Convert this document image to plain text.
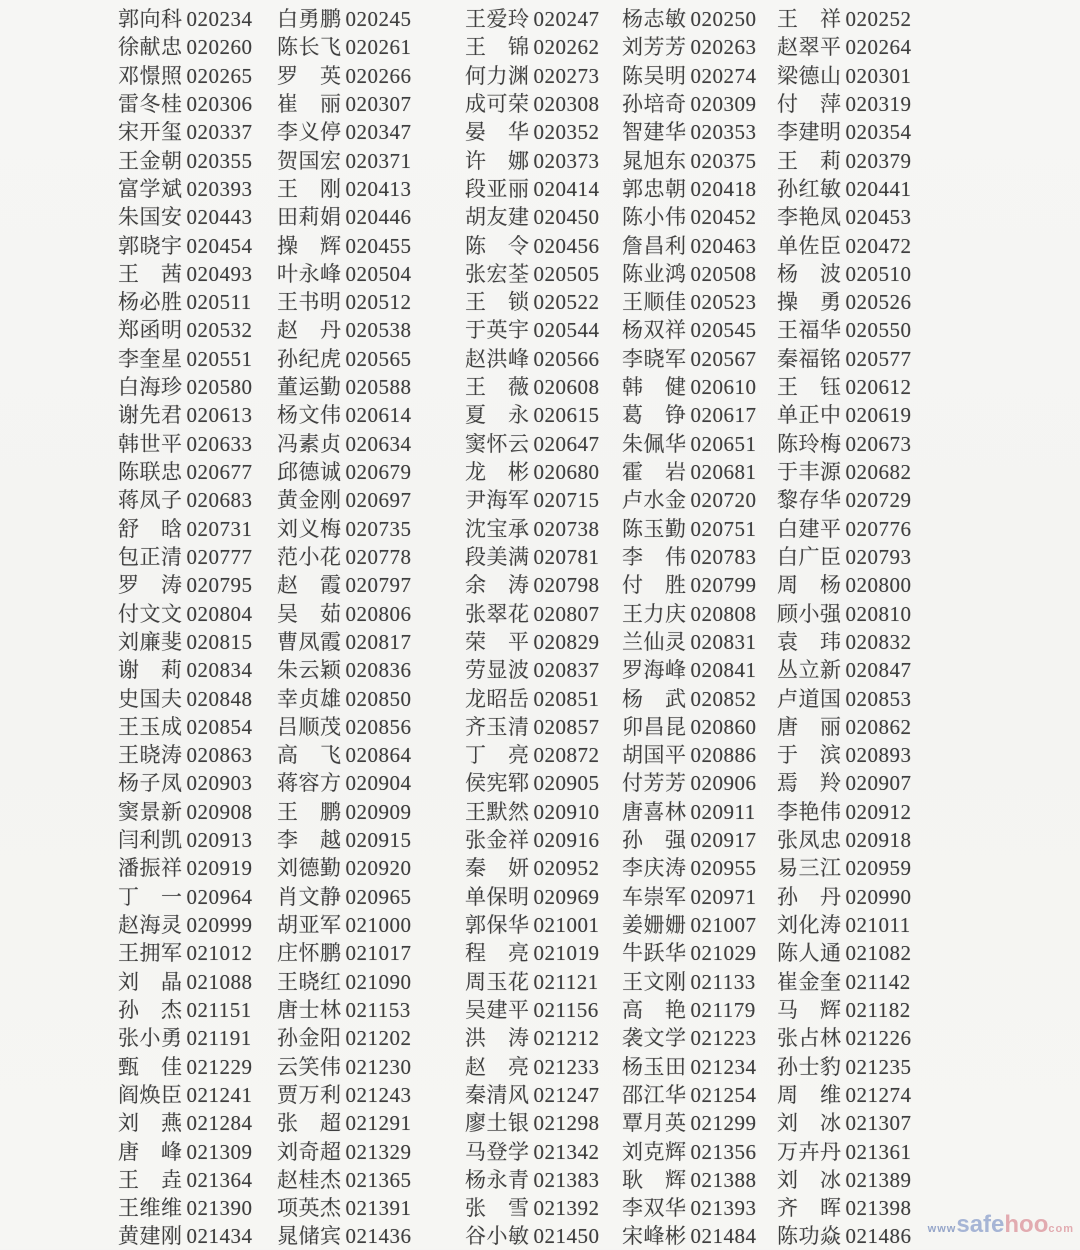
郭向科 020234	白勇鹏 020245	王爱玲 020247	杨志敏 020250 王　祥 020252
徐献忠 020260	陈长飞 020261	王　锦 020262	刘芳芳 020263 赵翠平 020264
邓憬照 020265	罗　英 020266	何力渊 020273	陈吴明 020274 梁德山 020301
雷冬桂 020306	崔　丽 020307	成可荣 020308	孙培奇 020309 付　萍 020319
宋开玺 020337	李义停 020347	晏　华 020352	智建华 020353 李建明 020354
王金朝 020355	贺国宏 020371	许　娜 020373	晁旭东 020375 王　莉 020379
富学斌 020393	王　刚 020413	段亚丽 020414	郭忠朝 020418 孙红敏 020441
朱国安 020443	田莉娟 020446	胡友建 020450	陈小伟 020452 李艳凤 020453
郭晓宇 020454	操　辉 020455	陈　令 020456	詹昌利 020463 单佐臣 020472
王　茜 020493	叶永峰 020504	张宏荃 020505	陈业鸿 020508 杨　波 020510
杨必胜 020511	王书明 020512	王　锁 020522	王顺佳 020523 操　勇 020526
郑函明 020532	赵　丹 020538	于英宇 020544	杨双祥 020545 王福华 020550
李奎星 020551	孙纪虎 020565	赵洪峰 020566	李晓军 020567 秦福铭 020577
白海珍 020580	董运勤 020588	王　薇 020608	韩　健 020610 王　钰 020612
谢先君 020613	杨文伟 020614	夏　永 020615	葛　铮 020617 单正中 020619
韩世平 020633	冯素贞 020634	窦怀云 020647	朱佩华 020651 陈玲梅 020673
陈联忠 020677	邱德诚 020679	龙　彬 020680	霍　岩 020681 于丰源 020682
蒋凤子 020683	黄金刚 020697	尹海军 020715	卢水金 020720 黎存华 020729
舒　晗 020731	刘义梅 020735	沈宝承 020738	陈玉勤 020751 白建平 020776
包正清 020777	范小花 020778	段美满 020781	李　伟 020783 白广臣 020793
罗　涛 020795	赵　霞 020797	余　涛 020798	付　胜 020799 周　杨 020800
付文文 020804	吴　茹 020806	张翠花 020807	王力庆 020808 顾小强 020810
刘廉斐 020815	曹凤霞 020817	荣　平 020829	兰仙灵 020831 袁　玮 020832
谢　莉 020834	朱云颖 020836	劳显波 020837	罗海峰 020841 丛立新 020847
史国夫 020848	幸贞雄 020850	龙昭岳 020851	杨　武 020852 卢道国 020853
王玉成 020854	吕顺茂 020856	齐玉清 020857	卯昌昆 020860 唐　丽 020862
王晓涛 020863	高　飞 020864	丁　亮 020872	胡国平 020886 于　滨 020893
杨子凤 020903	蒋容方 020904	侯宪郓 020905	付芳芳 020906 焉　羚 020907
窦景新 020908	王　鹏 020909	王默然 020910	唐喜林 020911	李艳伟 020912
闫利凯 020913	李　越 020915	张金祥 020916	孙　强 020917 张凤忠 020918
潘振祥 020919	刘德勤 020920	秦　妍 020952	李庆涛 020955 易三江 020959
丁　一 020964	肖文静 020965	单保明 020969	车崇军 020971 孙　丹 020990
赵海灵 020999	胡亚军 021000	郭保华 021001	姜姗姗 021007 刘化涛 021011
王拥军 021012	庄怀鹏 021017	程　亮 021019	牛跃华 021029 陈人通 021082
刘　晶 021088	王晓红 021090	周玉花 021121	王文刚 021133	崔金奎 021142
孙　杰 021151	唐士林 021153	吴建平 021156	高　艳 021179	马　辉 021182
张小勇 021191	孙金阳 021202	洪　涛 021212	袭文学 021223 张占林 021226
甄　佳 021229	云笑伟 021230	赵　亮 021233	杨玉田 021234 孙士豹 021235
阎焕臣 021241	贾万利 021243	秦清风 021247	邵江华 021254 周　维 021274
刘　燕 021284	张　超 021291	廖土银 021298	覃月英 021299 刘　冰 021307
唐　峰 021309	刘奇超 021329	马登学 021342	刘克辉 021356 万卉丹 021361
王　垚 021364	赵桂杰 021365	杨永青 021383	耿　辉 021388 刘　冰 021389
王维维 021390	项英杰 021391	张　雪 021392	李双华 021393 齐　晖 021398
黄建刚 021434	晁储宾 021436	谷小敏 021450	宋峰彬 021484 陈功焱 021486	wwwsafehoocom
